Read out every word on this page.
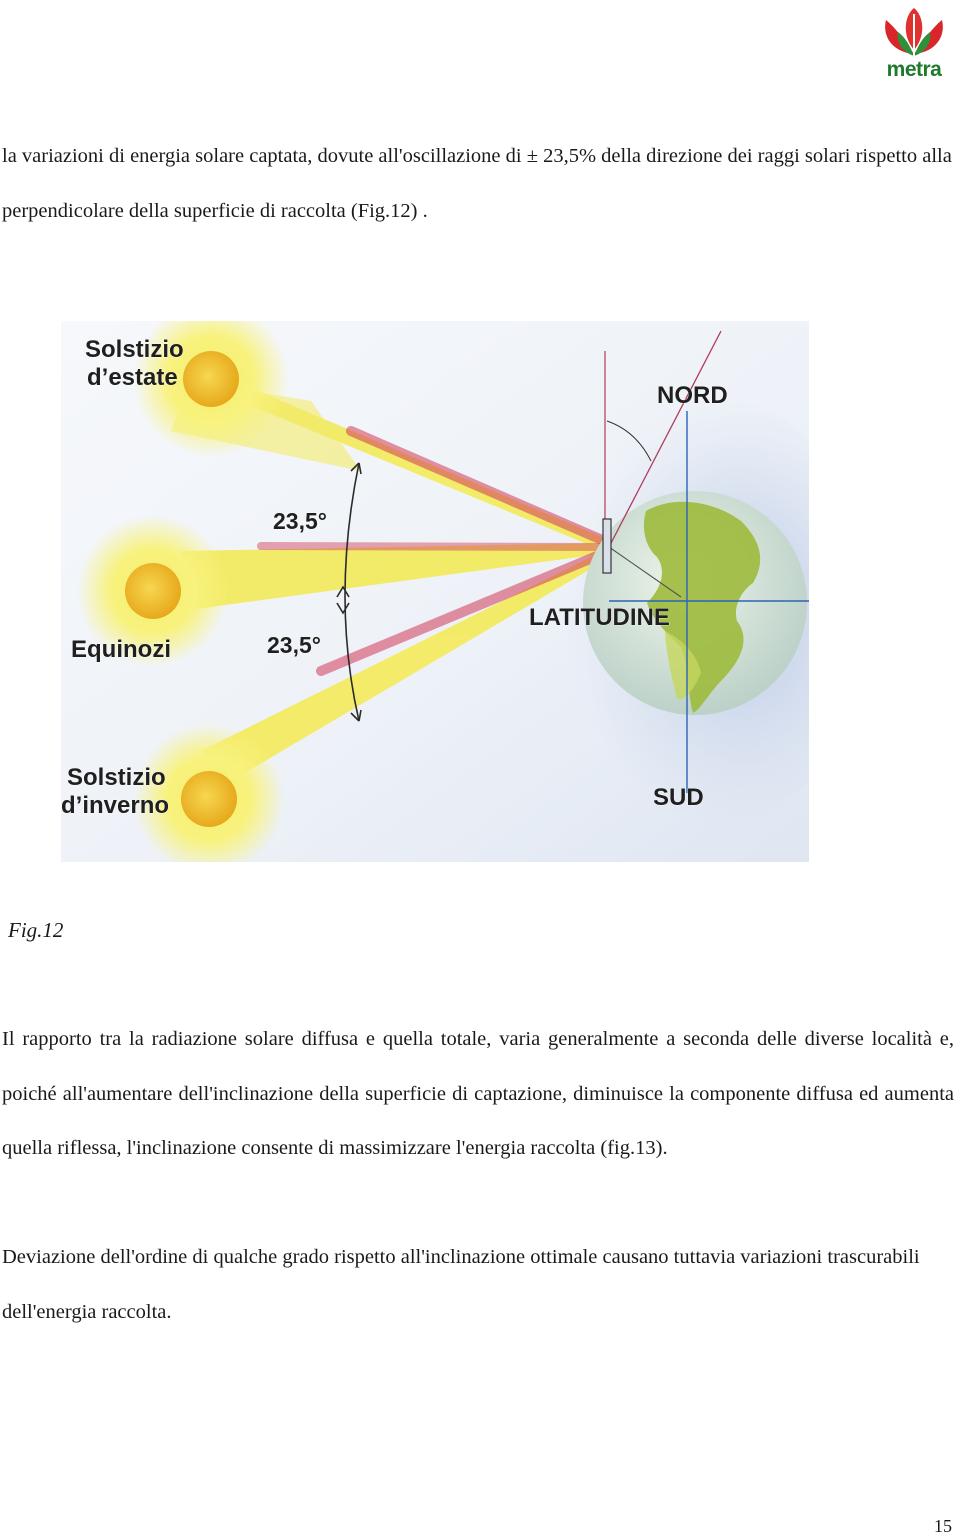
metra

la variazioni di energia solare captata, dovute all'oscillazione di ± 23,5% della direzione dei raggi solari rispetto alla perpendicolare della superficie di raccolta (Fig.12) .

Solstizio
d’estate
Equinozi
Solstizio
d’inverno
23,5°
23,5°
NORD
SUD
LATITUDINE
Fig.12

Il rapporto tra la radiazione solare diffusa e quella totale, varia generalmente a seconda delle diverse località e, poiché all'aumentare dell'inclinazione della superficie di captazione, diminuisce la componente diffusa ed aumenta quella riflessa, l'inclinazione consente di massimizzare l'energia raccolta (fig.13).

Deviazione dell'ordine di qualche grado rispetto all'inclinazione ottimale causano tuttavia variazioni trascurabili dell'energia raccolta.

15
